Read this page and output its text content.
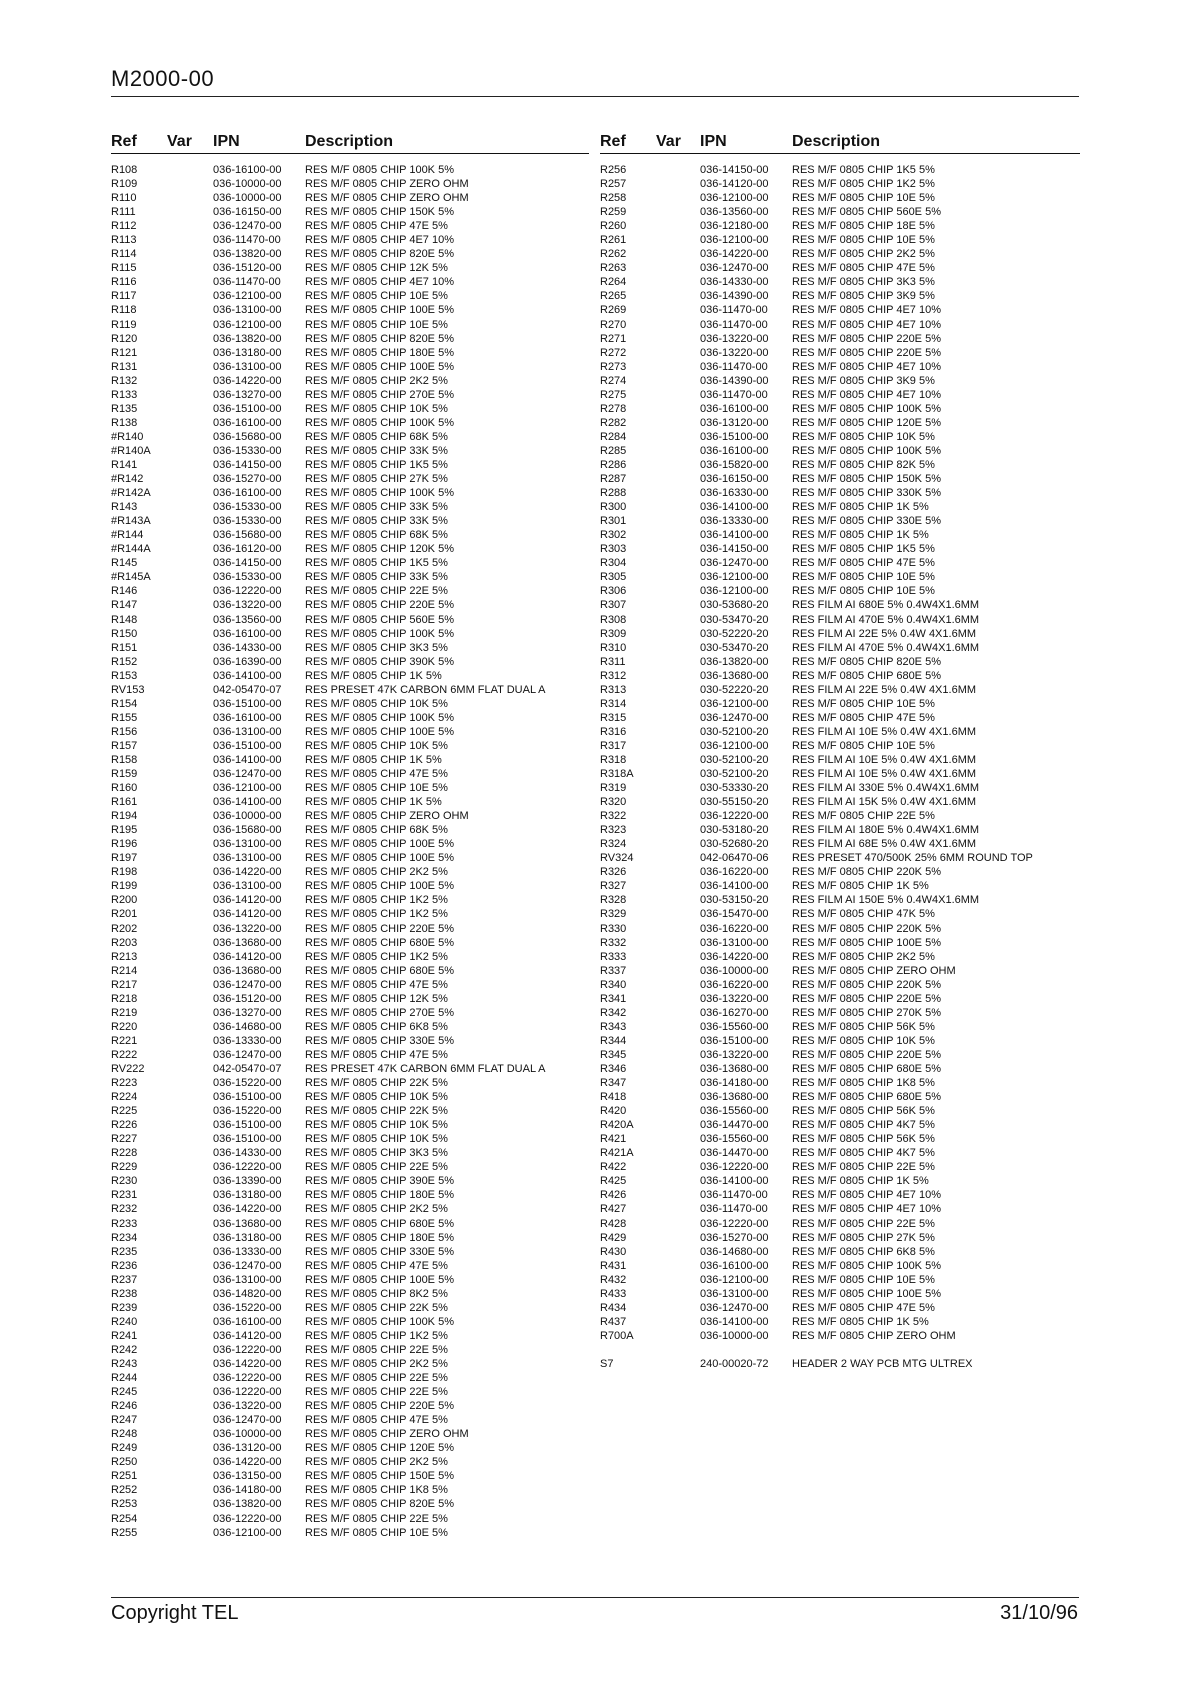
M2000-00
Ref Var IPN	Description
R108	036-16100-00 RES M/F 0805 CHIP 100K 5%
R109	036-10000-00 RES M/F 0805 CHIP ZERO OHM
R110	036-10000-00 RES M/F 0805 CHIP ZERO OHM
R111	036-16150-00 RES M/F 0805 CHIP 150K 5%
R112	036-12470-00 RES M/F 0805 CHIP 47E 5%
R113	036-11470-00 RES M/F 0805 CHIP 4E7 10%
R114	036-13820-00 RES M/F 0805 CHIP 820E 5%
R115	036-15120-00 RES M/F 0805 CHIP 12K 5%
R116	036-11470-00 RES M/F 0805 CHIP 4E7 10%
R117	036-12100-00 RES M/F 0805 CHIP 10E 5%
R118	036-13100-00 RES M/F 0805 CHIP 100E 5%
R119	036-12100-00 RES M/F 0805 CHIP 10E 5%
R120	036-13820-00 RES M/F 0805 CHIP 820E 5%
R121	036-13180-00 RES M/F 0805 CHIP 180E 5%
R131	036-13100-00 RES M/F 0805 CHIP 100E 5%
R132	036-14220-00 RES M/F 0805 CHIP 2K2 5%
R133	036-13270-00 RES M/F 0805 CHIP 270E 5%
R135	036-15100-00 RES M/F 0805 CHIP 10K 5%
R138	036-16100-00 RES M/F 0805 CHIP 100K 5%
#R140	036-15680-00 RES M/F 0805 CHIP 68K 5%
#R140A	036-15330-00 RES M/F 0805 CHIP 33K 5%
R141	036-14150-00 RES M/F 0805 CHIP 1K5 5%
#R142	036-15270-00 RES M/F 0805 CHIP 27K 5%
#R142A	036-16100-00 RES M/F 0805 CHIP 100K 5%
R143	036-15330-00 RES M/F 0805 CHIP 33K 5%
#R143A	036-15330-00 RES M/F 0805 CHIP 33K 5%
#R144	036-15680-00 RES M/F 0805 CHIP 68K 5%
#R144A	036-16120-00 RES M/F 0805 CHIP 120K 5%
R145	036-14150-00 RES M/F 0805 CHIP 1K5 5%
#R145A	036-15330-00 RES M/F 0805 CHIP 33K 5%
R146	036-12220-00 RES M/F 0805 CHIP 22E 5%
R147	036-13220-00 RES M/F 0805 CHIP 220E 5%
R148	036-13560-00 RES M/F 0805 CHIP 560E 5%
R150	036-16100-00 RES M/F 0805 CHIP 100K 5%
R151	036-14330-00 RES M/F 0805 CHIP 3K3 5%
R152	036-16390-00 RES M/F 0805 CHIP 390K 5%
R153	036-14100-00 RES M/F 0805 CHIP 1K 5%
RV153	042-05470-07 RES PRESET 47K CARBON 6MM FLAT DUAL A
R154	036-15100-00 RES M/F 0805 CHIP 10K 5%
R155	036-16100-00 RES M/F 0805 CHIP 100K 5%
R156	036-13100-00 RES M/F 0805 CHIP 100E 5%
R157	036-15100-00 RES M/F 0805 CHIP 10K 5%
R158	036-14100-00 RES M/F 0805 CHIP 1K 5%
R159	036-12470-00 RES M/F 0805 CHIP 47E 5%
R160	036-12100-00 RES M/F 0805 CHIP 10E 5%
R161	036-14100-00 RES M/F 0805 CHIP 1K 5%
R194	036-10000-00 RES M/F 0805 CHIP ZERO OHM
R195	036-15680-00 RES M/F 0805 CHIP 68K 5%
R196	036-13100-00 RES M/F 0805 CHIP 100E 5%
R197	036-13100-00 RES M/F 0805 CHIP 100E 5%
R198	036-14220-00 RES M/F 0805 CHIP 2K2 5%
R199	036-13100-00 RES M/F 0805 CHIP 100E 5%
R200	036-14120-00 RES M/F 0805 CHIP 1K2 5%
R201	036-14120-00 RES M/F 0805 CHIP 1K2 5%
R202	036-13220-00 RES M/F 0805 CHIP 220E 5%
R203	036-13680-00 RES M/F 0805 CHIP 680E 5%
R213	036-14120-00 RES M/F 0805 CHIP 1K2 5%
R214	036-13680-00 RES M/F 0805 CHIP 680E 5%
R217	036-12470-00 RES M/F 0805 CHIP 47E 5%
R218	036-15120-00 RES M/F 0805 CHIP 12K 5%
R219	036-13270-00 RES M/F 0805 CHIP 270E 5%
R220	036-14680-00 RES M/F 0805 CHIP 6K8 5%
R221	036-13330-00 RES M/F 0805 CHIP 330E 5%
R222	036-12470-00 RES M/F 0805 CHIP 47E 5%
RV222	042-05470-07 RES PRESET 47K CARBON 6MM FLAT DUAL A
R223	036-15220-00 RES M/F 0805 CHIP 22K 5%
R224	036-15100-00 RES M/F 0805 CHIP 10K 5%
R225	036-15220-00 RES M/F 0805 CHIP 22K 5%
R226	036-15100-00 RES M/F 0805 CHIP 10K 5%
R227	036-15100-00 RES M/F 0805 CHIP 10K 5%
R228	036-14330-00 RES M/F 0805 CHIP 3K3 5%
R229	036-12220-00 RES M/F 0805 CHIP 22E 5%
R230	036-13390-00 RES M/F 0805 CHIP 390E 5%
R231	036-13180-00 RES M/F 0805 CHIP 180E 5%
R232	036-14220-00 RES M/F 0805 CHIP 2K2 5%
R233	036-13680-00 RES M/F 0805 CHIP 680E 5%
R234	036-13180-00 RES M/F 0805 CHIP 180E 5%
R235	036-13330-00 RES M/F 0805 CHIP 330E 5%
R236	036-12470-00 RES M/F 0805 CHIP 47E 5%
R237	036-13100-00 RES M/F 0805 CHIP 100E 5%
R238	036-14820-00 RES M/F 0805 CHIP 8K2 5%
R239	036-15220-00 RES M/F 0805 CHIP 22K 5%
R240	036-16100-00 RES M/F 0805 CHIP 100K 5%
R241	036-14120-00 RES M/F 0805 CHIP 1K2 5%
R242	036-12220-00 RES M/F 0805 CHIP 22E 5%
R243	036-14220-00 RES M/F 0805 CHIP 2K2 5%
R244	036-12220-00 RES M/F 0805 CHIP 22E 5%
R245	036-12220-00 RES M/F 0805 CHIP 22E 5%
R246	036-13220-00 RES M/F 0805 CHIP 220E 5%
R247	036-12470-00 RES M/F 0805 CHIP 47E 5%
R248	036-10000-00 RES M/F 0805 CHIP ZERO OHM
R249	036-13120-00 RES M/F 0805 CHIP 120E 5%
R250	036-14220-00 RES M/F 0805 CHIP 2K2 5%
R251	036-13150-00 RES M/F 0805 CHIP 150E 5%
R252	036-14180-00 RES M/F 0805 CHIP 1K8 5%
R253	036-13820-00 RES M/F 0805 CHIP 820E 5%
R254	036-12220-00 RES M/F 0805 CHIP 22E 5%
R255	036-12100-00 RES M/F 0805 CHIP 10E 5%
Ref Var IPN	Description
R256	036-14150-00 RES M/F 0805 CHIP 1K5 5%
R257	036-14120-00 RES M/F 0805 CHIP 1K2 5%
R258	036-12100-00 RES M/F 0805 CHIP 10E 5%
R259	036-13560-00 RES M/F 0805 CHIP 560E 5%
R260	036-12180-00 RES M/F 0805 CHIP 18E 5%
R261	036-12100-00 RES M/F 0805 CHIP 10E 5%
R262	036-14220-00 RES M/F 0805 CHIP 2K2 5%
R263	036-12470-00 RES M/F 0805 CHIP 47E 5%
R264	036-14330-00 RES M/F 0805 CHIP 3K3 5%
R265	036-14390-00 RES M/F 0805 CHIP 3K9 5%
R269	036-11470-00 RES M/F 0805 CHIP 4E7 10%
R270	036-11470-00 RES M/F 0805 CHIP 4E7 10%
R271	036-13220-00 RES M/F 0805 CHIP 220E 5%
R272	036-13220-00 RES M/F 0805 CHIP 220E 5%
R273	036-11470-00 RES M/F 0805 CHIP 4E7 10%
R274	036-14390-00 RES M/F 0805 CHIP 3K9 5%
R275	036-11470-00 RES M/F 0805 CHIP 4E7 10%
R278	036-16100-00 RES M/F 0805 CHIP 100K 5%
R282	036-13120-00 RES M/F 0805 CHIP 120E 5%
R284	036-15100-00 RES M/F 0805 CHIP 10K 5%
R285	036-16100-00 RES M/F 0805 CHIP 100K 5%
R286	036-15820-00 RES M/F 0805 CHIP 82K 5%
R287	036-16150-00 RES M/F 0805 CHIP 150K 5%
R288	036-16330-00 RES M/F 0805 CHIP 330K 5%
R300	036-14100-00 RES M/F 0805 CHIP 1K 5%
R301	036-13330-00 RES M/F 0805 CHIP 330E 5%
R302	036-14100-00 RES M/F 0805 CHIP 1K 5%
R303	036-14150-00 RES M/F 0805 CHIP 1K5 5%
R304	036-12470-00 RES M/F 0805 CHIP 47E 5%
R305	036-12100-00 RES M/F 0805 CHIP 10E 5%
R306	036-12100-00 RES M/F 0805 CHIP 10E 5%
R307	030-53680-20 RES FILM AI 680E 5% 0.4W4X1.6MM
R308	030-53470-20 RES FILM AI 470E 5% 0.4W4X1.6MM
R309	030-52220-20 RES FILM AI 22E 5% 0.4W 4X1.6MM
R310	030-53470-20 RES FILM AI 470E 5% 0.4W4X1.6MM
R311	036-13820-00 RES M/F 0805 CHIP 820E 5%
R312	036-13680-00 RES M/F 0805 CHIP 680E 5%
R313	030-52220-20 RES FILM AI 22E 5% 0.4W 4X1.6MM
R314	036-12100-00 RES M/F 0805 CHIP 10E 5%
R315	036-12470-00 RES M/F 0805 CHIP 47E 5%
R316	030-52100-20 RES FILM AI 10E 5% 0.4W 4X1.6MM
R317	036-12100-00 RES M/F 0805 CHIP 10E 5%
R318	030-52100-20 RES FILM AI 10E 5% 0.4W 4X1.6MM
R318A	030-52100-20 RES FILM AI 10E 5% 0.4W 4X1.6MM
R319	030-53330-20 RES FILM AI 330E 5% 0.4W4X1.6MM
R320	030-55150-20 RES FILM AI 15K 5% 0.4W 4X1.6MM
R322	036-12220-00 RES M/F 0805 CHIP 22E 5%
R323	030-53180-20 RES FILM AI 180E 5% 0.4W4X1.6MM
R324	030-52680-20 RES FILM AI 68E 5% 0.4W 4X1.6MM
RV324	042-06470-06 RES PRESET 470/500K 25% 6MM ROUND TOP
R326	036-16220-00 RES M/F 0805 CHIP 220K 5%
R327	036-14100-00 RES M/F 0805 CHIP 1K 5%
R328	030-53150-20 RES FILM AI 150E 5% 0.4W4X1.6MM
R329	036-15470-00 RES M/F 0805 CHIP 47K 5%
R330	036-16220-00 RES M/F 0805 CHIP 220K 5%
R332	036-13100-00 RES M/F 0805 CHIP 100E 5%
R333	036-14220-00 RES M/F 0805 CHIP 2K2 5%
R337	036-10000-00 RES M/F 0805 CHIP ZERO OHM
R340	036-16220-00 RES M/F 0805 CHIP 220K 5%
R341	036-13220-00 RES M/F 0805 CHIP 220E 5%
R342	036-16270-00 RES M/F 0805 CHIP 270K 5%
R343	036-15560-00 RES M/F 0805 CHIP 56K 5%
R344	036-15100-00 RES M/F 0805 CHIP 10K 5%
R345	036-13220-00 RES M/F 0805 CHIP 220E 5%
R346	036-13680-00 RES M/F 0805 CHIP 680E 5%
R347	036-14180-00 RES M/F 0805 CHIP 1K8 5%
R418	036-13680-00 RES M/F 0805 CHIP 680E 5%
R420	036-15560-00 RES M/F 0805 CHIP 56K 5%
R420A	036-14470-00 RES M/F 0805 CHIP 4K7 5%
R421	036-15560-00 RES M/F 0805 CHIP 56K 5%
R421A	036-14470-00 RES M/F 0805 CHIP 4K7 5%
R422	036-12220-00 RES M/F 0805 CHIP 22E 5%
R425	036-14100-00 RES M/F 0805 CHIP 1K 5%
R426	036-11470-00 RES M/F 0805 CHIP 4E7 10%
R427	036-11470-00 RES M/F 0805 CHIP 4E7 10%
R428	036-12220-00 RES M/F 0805 CHIP 22E 5%
R429	036-15270-00 RES M/F 0805 CHIP 27K 5%
R430	036-14680-00 RES M/F 0805 CHIP 6K8 5%
R431	036-16100-00 RES M/F 0805 CHIP 100K 5%
R432	036-12100-00 RES M/F 0805 CHIP 10E 5%
R433	036-13100-00 RES M/F 0805 CHIP 100E 5%
R434	036-12470-00 RES M/F 0805 CHIP 47E 5%
R437	036-14100-00 RES M/F 0805 CHIP 1K 5%
R700A	036-10000-00 RES M/F 0805 CHIP ZERO OHM
S7	240-00020-72 HEADER 2 WAY PCB MTG ULTREX
Copyright TEL	31/10/96
